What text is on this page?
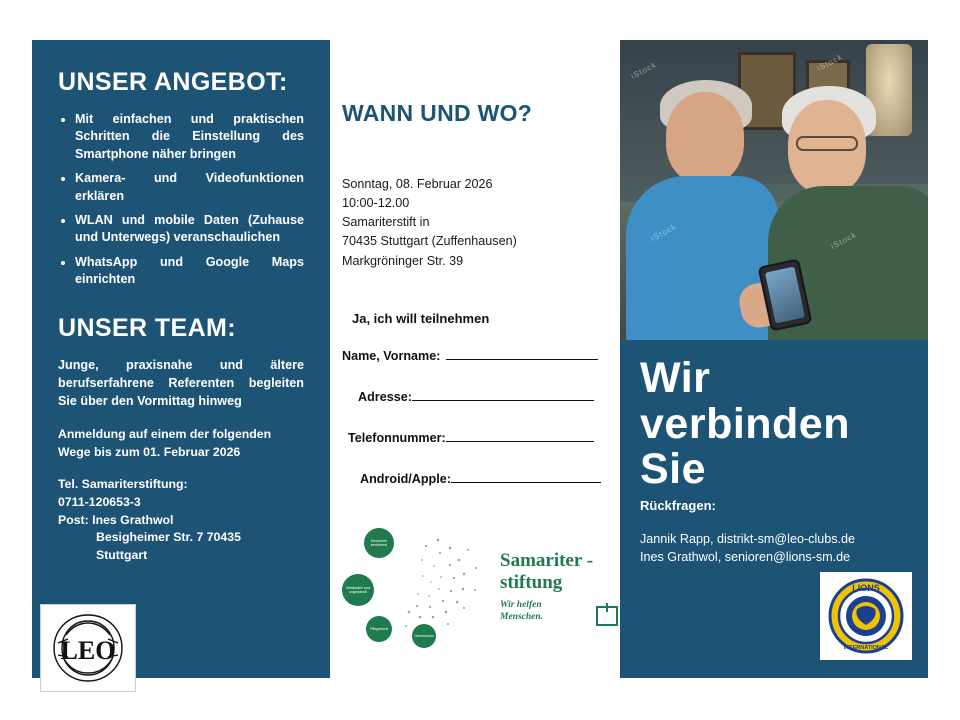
UNSER ANGEBOT:
• Mit einfachen und praktischen Schritten die Einstellung des Smartphone näher bringen
• Kamera- und Videofunktionen erklären
• WLAN und mobile Daten (Zuhause und Unterwegs) veranschaulichen
• WhatsApp und Google Maps einrichten
UNSER TEAM:

Junge, praxisnahe und ältere berufserfahrene Referenten begleiten Sie über den Vormittag hinweg

Anmeldung auf einem der folgenden Wege bis zum 01. Februar 2026

Tel. Samariterstiftung:
0711-120653-3
Post: Ines Grathwol
Besigheimer Str. 7 70435
Stuttgart
LEO
WANN UND WO?
Sonntag, 08. Februar 2026
10:00-12.00
Samariterstift in
70435 Stuttgart (Zuffenhausen)
Markgröninger Str. 39
Ja, ich will teilnehmen
Name, Vorname:
Adresse:
Telefonnummer:
Android/Apple:
Menschen berührend
Verlässlich und zugewandt
Pflegerisch
Gemeinsam
Samariter -
stiftung
Wir helfen
Menschen.
iStock	iStock
iStock	iStock
Wir
verbinden
Sie
Rückfragen:
Jannik Rapp, distrikt-sm@leo-clubs.de
Ines Grathwol, senioren@lions-sm.de
LIONS
INTERNATIONAL
